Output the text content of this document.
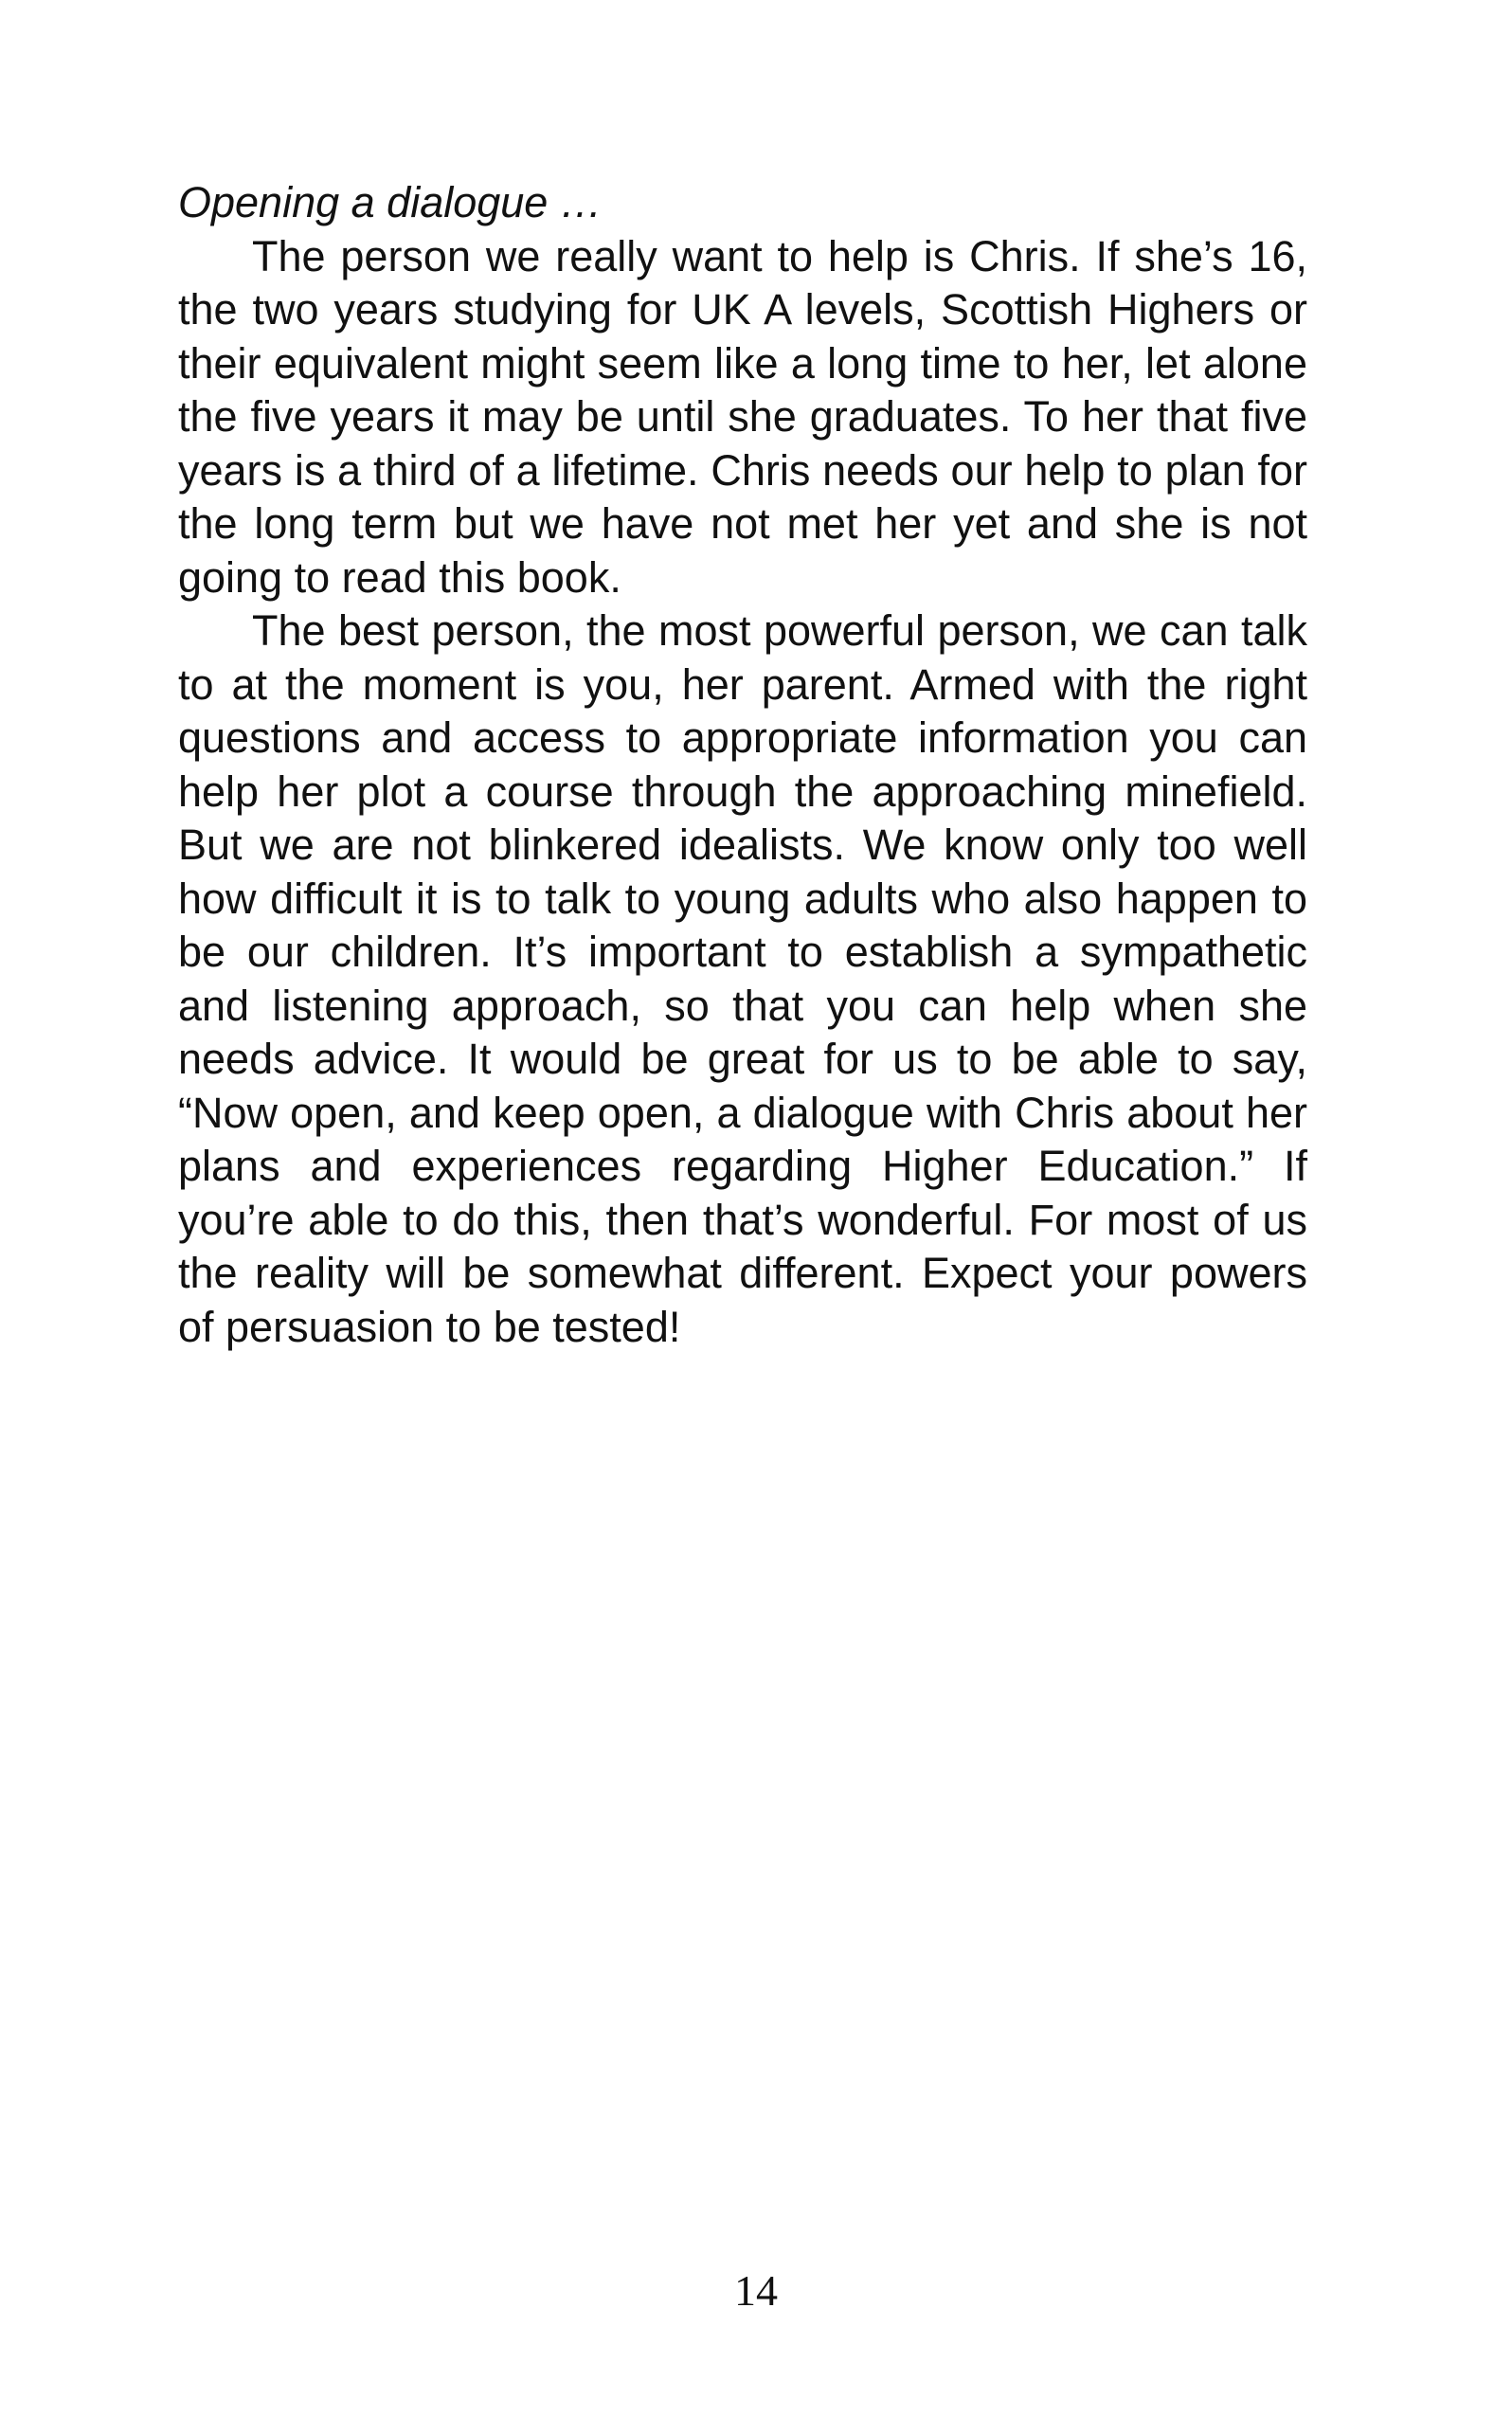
Opening a dialogue …

The person we really want to help is Chris. If she’s 16, the two years studying for UK A levels, Scottish Highers or their equivalent might seem like a long time to her, let alone the five years it may be until she graduates. To her that five years is a third of a lifetime. Chris needs our help to plan for the long term but we have not met her yet and she is not going to read this book.

The best person, the most powerful person, we can talk to at the moment is you, her parent. Armed with the right questions and access to appropriate information you can help her plot a course through the approaching minefield. But we are not blinkered idealists. We know only too well how difficult it is to talk to young adults who also happen to be our children. It’s important to establish a sympathetic and listening approach, so that you can help when she needs advice. It would be great for us to be able to say, “Now open, and keep open, a dialogue with Chris about her plans and experiences regarding Higher Education.” If you’re able to do this, then that’s wonderful. For most of us the reality will be somewhat different. Expect your powers of persuasion to be tested!

14
